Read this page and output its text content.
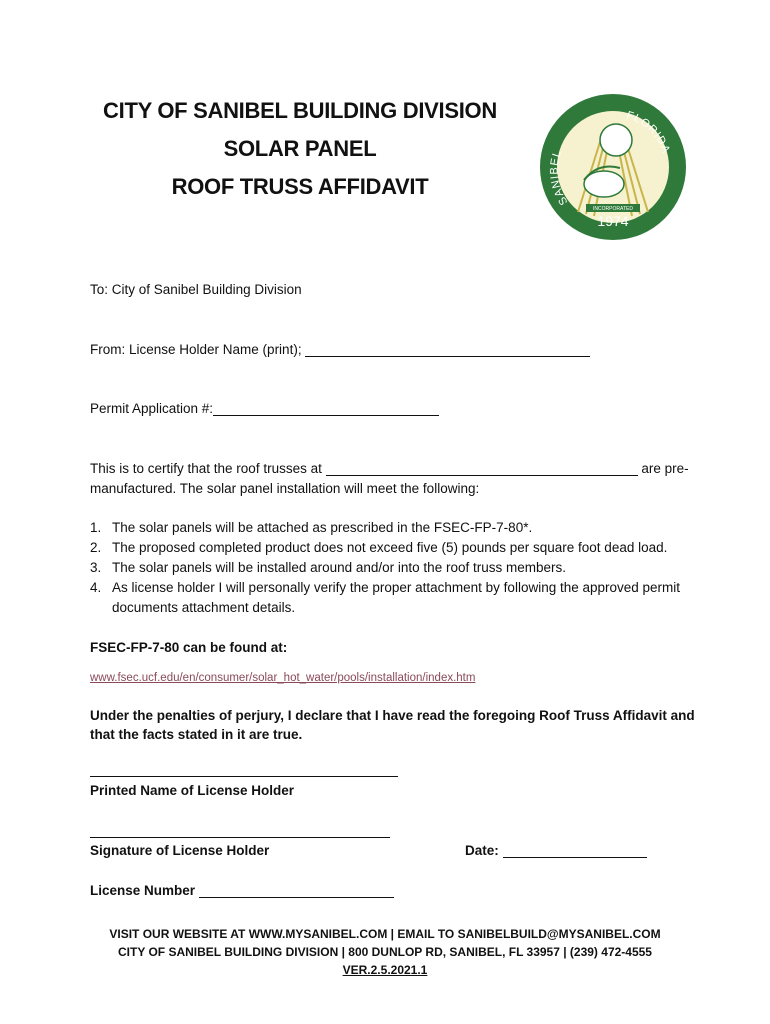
CITY OF SANIBEL BUILDING DIVISION
SOLAR PANEL
ROOF TRUSS AFFIDAVIT
INCORPORATED
1974
SANIBEL
FLORIDA
To: City of Sanibel Building Division
From: License Holder Name (print);
Permit Application #:
This is to certify that the roof trusses at	are pre-
manufactured. The solar panel installation will meet the following:
1. The solar panels will be attached as prescribed in the FSEC-FP-7-80*.
2. The proposed completed product does not exceed five (5) pounds per square foot dead load.
3. The solar panels will be installed around and/or into the roof truss members.
4. As license holder I will personally verify the proper attachment by following the approved permit documents attachment details.
FSEC-FP-7-80 can be found at:
www.fsec.ucf.edu/en/consumer/solar_hot_water/pools/installation/index.htm
Under the penalties of perjury, I declare that I have read the foregoing Roof Truss Affidavit and
that the facts stated in it are true.
Printed Name of License Holder
Signature of License Holder	Date:
License Number
VISIT OUR WEBSITE AT WWW.MYSANIBEL.COM | EMAIL TO SANIBELBUILD@MYSANIBEL.COM
CITY OF SANIBEL BUILDING DIVISION | 800 DUNLOP RD, SANIBEL, FL 33957 | (239) 472-4555
VER.2.5.2021.1
